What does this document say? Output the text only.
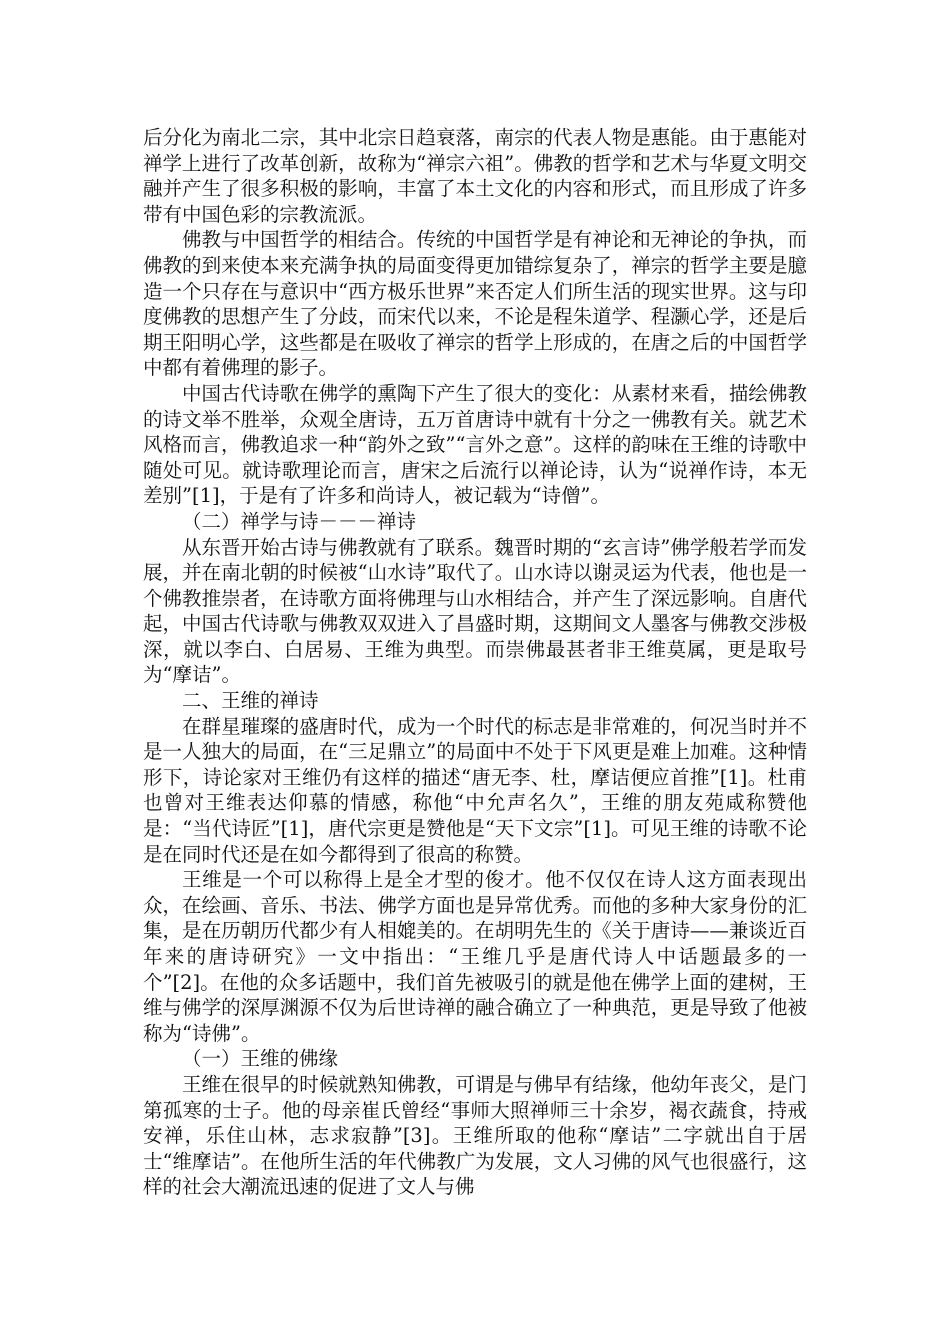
后分化为南北二宗，其中北宗日趋衰落，南宗的代表人物是惠能。由于惠能对禅学上进行了改革创新，故称为“禅宗六祖”。佛教的哲学和艺术与华夏文明交融并产生了很多积极的影响，丰富了本土文化的内容和形式，而且形成了许多带有中国色彩的宗教流派。

佛教与中国哲学的相结合。传统的中国哲学是有神论和无神论的争执，而佛教的到来使本来充满争执的局面变得更加错综复杂了，禅宗的哲学主要是臆造一个只存在与意识中“西方极乐世界”来否定人们所生活的现实世界。这与印度佛教的思想产生了分歧，而宋代以来，不论是程朱道学、程灏心学，还是后期王阳明心学，这些都是在吸收了禅宗的哲学上形成的，在唐之后的中国哲学中都有着佛理的影子。

中国古代诗歌在佛学的熏陶下产生了很大的变化：从素材来看，描绘佛教的诗文举不胜举，众观全唐诗，五万首唐诗中就有十分之一佛教有关。就艺术风格而言，佛教追求一种“韵外之致”“言外之意”。这样的韵味在王维的诗歌中随处可见。就诗歌理论而言，唐宋之后流行以禅论诗，认为“说禅作诗，本无差别”[1]，于是有了许多和尚诗人，被记载为“诗僧”。

（二）禅学与诗－－－禅诗

从东晋开始古诗与佛教就有了联系。魏晋时期的“玄言诗”佛学般若学而发展，并在南北朝的时候被“山水诗”取代了。山水诗以谢灵运为代表，他也是一个佛教推崇者，在诗歌方面将佛理与山水相结合，并产生了深远影响。自唐代起，中国古代诗歌与佛教双双进入了昌盛时期，这期间文人墨客与佛教交涉极深，就以李白、白居易、王维为典型。而崇佛最甚者非王维莫属，更是取号为“摩诘”。

二、王维的禅诗

在群星璀璨的盛唐时代，成为一个时代的标志是非常难的，何况当时并不是一人独大的局面，在“三足鼎立”的局面中不处于下风更是难上加难。这种情形下，诗论家对王维仍有这样的描述“唐无李、杜，摩诘便应首推”[1]。杜甫也曾对王维表达仰慕的情感，称他“中允声名久”，王维的朋友苑咸称赞他是：“当代诗匠”[1]，唐代宗更是赞他是“天下文宗”[1]。可见王维的诗歌不论是在同时代还是在如今都得到了很高的称赞。

王维是一个可以称得上是全才型的俊才。他不仅仅在诗人这方面表现出众，在绘画、音乐、书法、佛学方面也是异常优秀。而他的多种大家身份的汇集，是在历朝历代都少有人相媲美的。在胡明先生的《关于唐诗——兼谈近百年来的唐诗研究》一文中指出：“王维几乎是唐代诗人中话题最多的一个”[2]。在他的众多话题中，我们首先被吸引的就是他在佛学上面的建树，王维与佛学的深厚渊源不仅为后世诗禅的融合确立了一种典范，更是导致了他被称为“诗佛”。

（一）王维的佛缘

王维在很早的时候就熟知佛教，可谓是与佛早有结缘，他幼年丧父，是门第孤寒的士子。他的母亲崔氏曾经“事师大照禅师三十余岁，褐衣蔬食，持戒安禅，乐住山林，志求寂静”[3]。王维所取的他称“摩诘”二字就出自于居士“维摩诘”。在他所生活的年代佛教广为发展，文人习佛的风气也很盛行，这样的社会大潮流迅速的促进了文人与佛
